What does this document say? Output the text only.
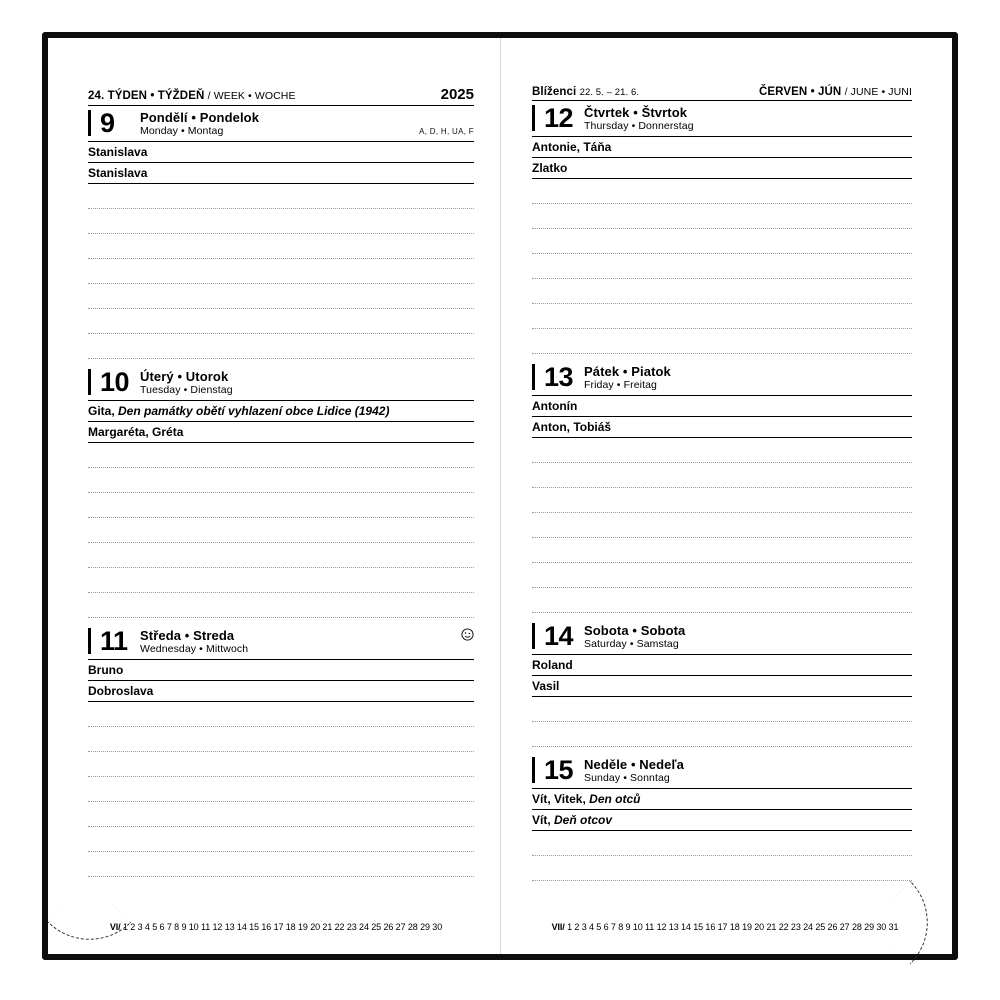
24. TÝDEN • TÝŽDEŇ / WEEK • WOCHE	2025
9 Pondělí • Pondelok
Monday • Montag	A, D, H, UA, F
Stanislava
Stanislava
10 Úterý • Utorok
Tuesday • Dienstag
Gita, Den památky obětí vyhlazení obce Lidice (1942)
Margaréta, Gréta
11 Středa • Streda
Wednesday • Mittwoch
Bruno
Dobroslava
VI/ 1 2 3 4 5 6 7 8 9 10 11 12 13 14 15 16 17 18 19 20 21 22 23 24 25 26 27 28 29 30
Blíženci 22. 5. – 21. 6.	ČERVEN • JÚN / JUNE • JUNI
12 Čtvrtek • Štvrtok
Thursday • Donnerstag
Antonie, Táňa
Zlatko
13 Pátek • Piatok
Friday • Freitag
Antonín
Anton, Tobiáš
14 Sobota • Sobota
Saturday • Samstag
Roland
Vasil
15 Neděle • Nedeľa
Sunday • Sonntag
Vít, Vitek, Den otců
Vít, Deň otcov
VII/ 1 2 3 4 5 6 7 8 9 10 11 12 13 14 15 16 17 18 19 20 21 22 23 24 25 26 27 28 29 30 31
